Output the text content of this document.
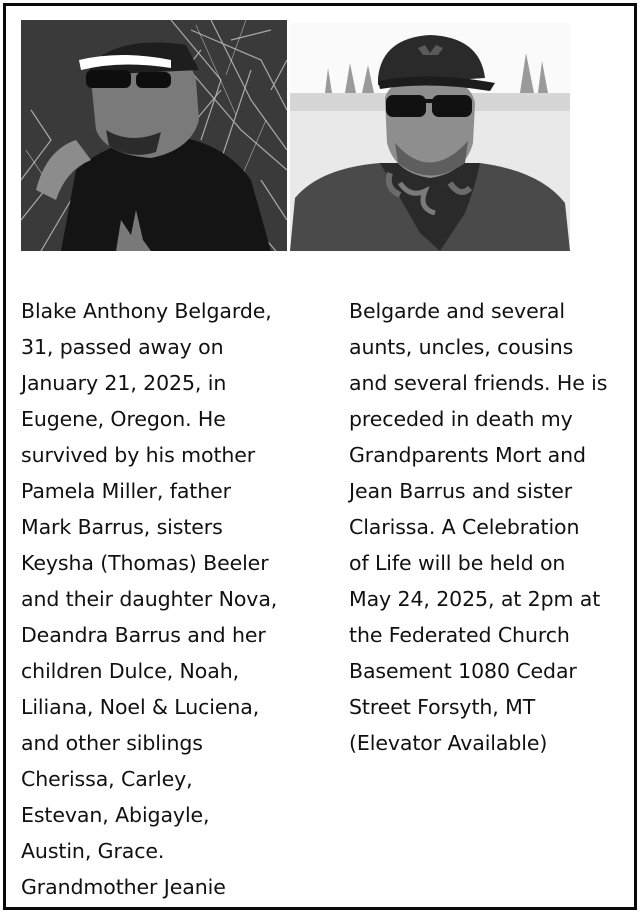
Blake Anthony Belgarde,
31, passed away on
January 21, 2025, in
Eugene, Oregon. He
survived by his mother
Pamela Miller, father
Mark Barrus, sisters
Keysha (Thomas) Beeler
and their daughter Nova,
Deandra Barrus and her
children Dulce, Noah,
Liliana, Noel & Luciena,
and other siblings
Cherissa, Carley,
Estevan, Abigayle,
Austin, Grace.
Grandmother Jeanie
Belgarde and several
aunts, uncles, cousins
and several friends. He is
preceded in death my
Grandparents Mort and
Jean Barrus and sister
Clarissa. A Celebration
of Life will be held on
May 24, 2025, at 2pm at
the Federated Church
Basement 1080 Cedar
Street Forsyth, MT
(Elevator Available)
